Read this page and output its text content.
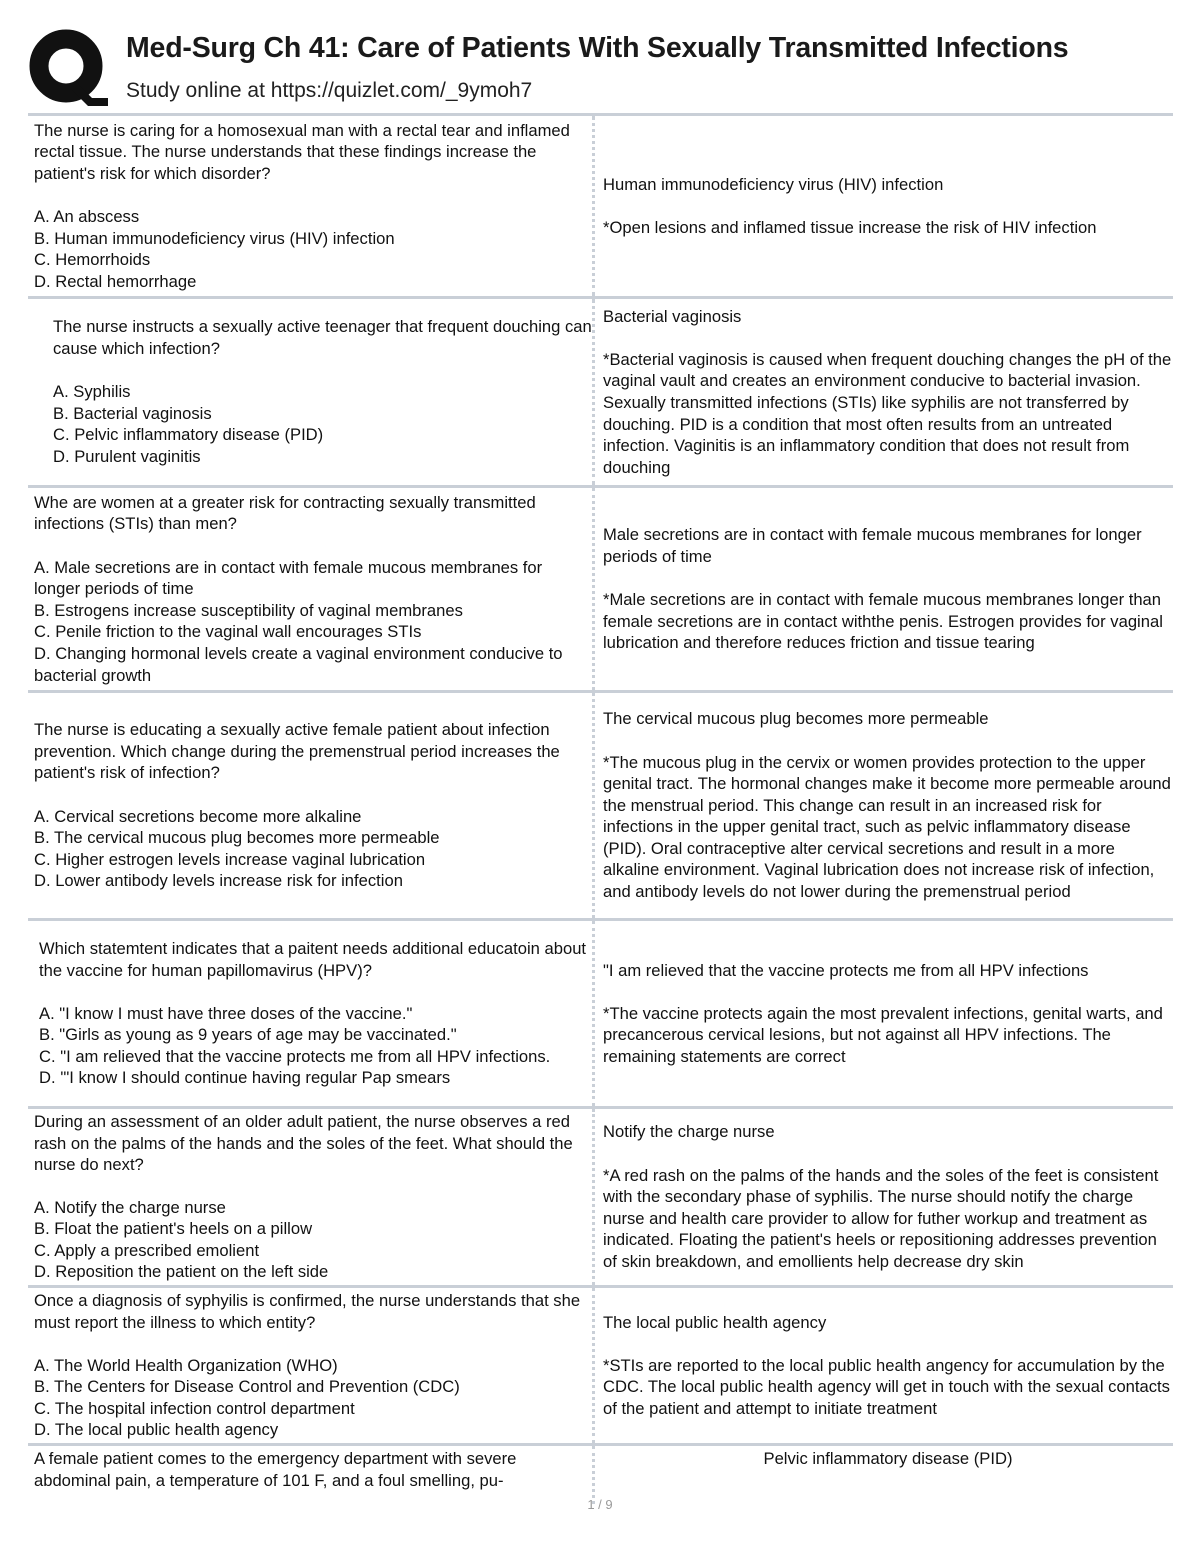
Med-Surg Ch 41: Care of Patients With Sexually Transmitted Infections
Study online at https://quizlet.com/_9ymoh7

The nurse is caring for a homosexual man with a rectal tear and inflamed rectal tissue. The nurse understands that these findings increase the patient's risk for which disorder?

A. An abscess

B. Human immunodeficiency virus (HIV) infection

C. Hemorrhoids

D. Rectal hemorrhage

Human immunodeficiency virus (HIV) infection

*Open lesions and inflamed tissue increase the risk of HIV infection

The nurse instructs a sexually active teenager that frequent douching can cause which infection?

A. Syphilis

B. Bacterial vaginosis

C. Pelvic inflammatory disease (PID)

D. Purulent vaginitis

Bacterial vaginosis

*Bacterial vaginosis is caused when frequent douching changes the pH of the vaginal vault and creates an environment conducive to bacterial invasion. Sexually transmitted infections (STIs) like syphilis are not transferred by douching. PID is a condition that most often results from an untreated infection. Vaginitis is an inflammatory condition that does not result from douching

Whe are women at a greater risk for contracting sexually transmitted infections (STIs) than men?

A. Male secretions are in contact with female mucous membranes for longer periods of time

B. Estrogens increase susceptibility of vaginal membranes

C. Penile friction to the vaginal wall encourages STIs

D. Changing hormonal levels create a vaginal environment conducive to bacterial growth

Male secretions are in contact with female mucous membranes for longer periods of time

*Male secretions are in contact with female mucous membranes longer than female secretions are in contact withthe penis. Estrogen provides for vaginal lubrication and therefore reduces friction and tissue tearing

The nurse is educating a sexually active female patient about infection prevention. Which change during the premenstrual period increases the patient's risk of infection?

A. Cervical secretions become more alkaline

B. The cervical mucous plug becomes more permeable

C. Higher estrogen levels increase vaginal lubrication

D. Lower antibody levels increase risk for infection

The cervical mucous plug becomes more permeable

*The mucous plug in the cervix or women provides protection to the upper genital tract. The hormonal changes make it become more permeable around the menstrual period. This change can result in an increased risk for infections in the upper genital tract, such as pelvic inflammatory disease (PID). Oral contraceptive alter cervical secretions and result in a more alkaline environment. Vaginal lubrication does not increase risk of infection, and antibody levels do not lower during the premenstrual period

Which statemtent indicates that a paitent needs additional educatoin about the vaccine for human papillomavirus (HPV)?

A. "I know I must have three doses of the vaccine."

B. "Girls as young as 9 years of age may be vaccinated."

C. "I am relieved that the vaccine protects me from all HPV infections.

D. '"I know I should continue having regular Pap smears

"I am relieved that the vaccine protects me from all HPV infections

*The vaccine protects again the most prevalent infections, genital warts, and precancerous cervical lesions, but not against all HPV infections. The remaining statements are correct

During an assessment of an older adult patient, the nurse observes a red rash on the palms of the hands and the soles of the feet. What should the nurse do next?

A. Notify the charge nurse

B. Float the patient's heels on a pillow

C. Apply a prescribed emolient

D. Reposition the patient on the left side

Notify the charge nurse

*A red rash on the palms of the hands and the soles of the feet is consistent with the secondary phase of syphilis. The nurse should notify the charge nurse and health care provider to allow for futher workup and treatment as indicated. Floating the patient's heels or repositioning addresses prevention of skin breakdown, and emollients help decrease dry skin

Once a diagnosis of syphyilis is confirmed, the nurse understands that she must report the illness to which entity?

A. The World Health Organization (WHO)

B. The Centers for Disease Control and Prevention (CDC)

C. The hospital infection control department

D. The local public health agency

The local public health agency

*STIs are reported to the local public health angency for accumulation by the CDC. The local public health agency will get in touch with the sexual contacts of the patient and attempt to initiate treatment

A female patient comes to the emergency department with severe abdominal pain, a temperature of 101 F, and a foul smelling, pu-

Pelvic inflammatory disease (PID)

1 / 9
